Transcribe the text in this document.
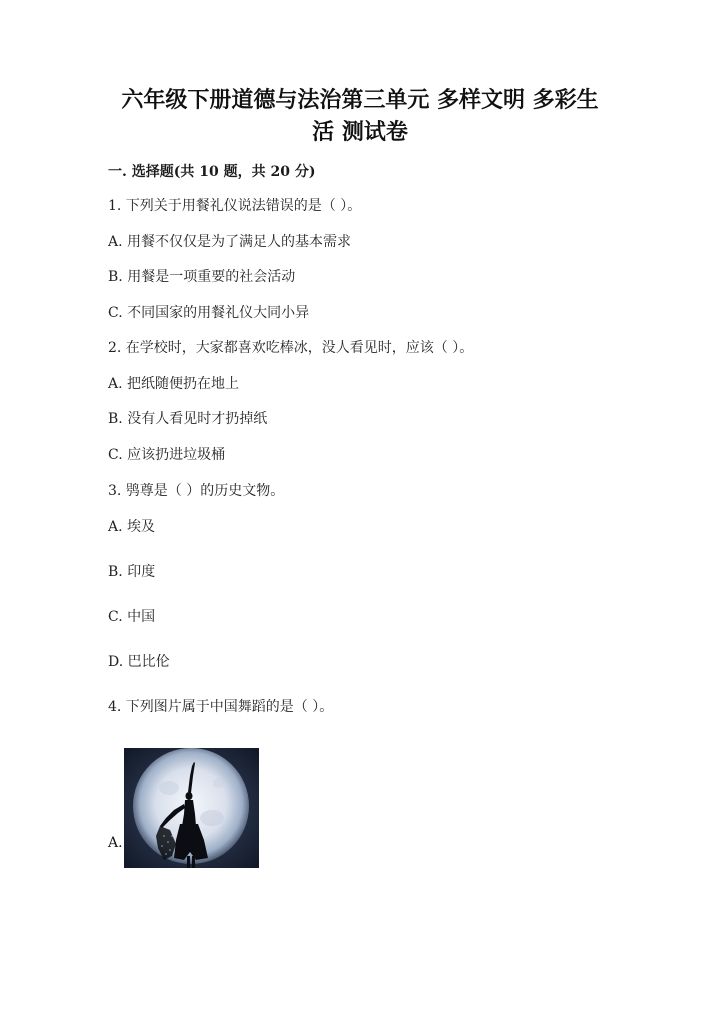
六年级下册道德与法治第三单元 多样文明 多彩生
活 测试卷
一. 选择题(共 10 题，共 20 分)
1. 下列关于用餐礼仪说法错误的是（ ）。
A. 用餐不仅仅是为了满足人的基本需求
B. 用餐是一项重要的社会活动
C. 不同国家的用餐礼仪大同小异
2. 在学校时，大家都喜欢吃棒冰，没人看见时，应该（ ）。
A. 把纸随便扔在地上
B. 没有人看见时才扔掉纸
C. 应该扔进垃圾桶
3. 鸮尊是（ ）的历史文物。
A. 埃及
B. 印度
C. 中国
D. 巴比伦
4. 下列图片属于中国舞蹈的是（ ）。
A.
